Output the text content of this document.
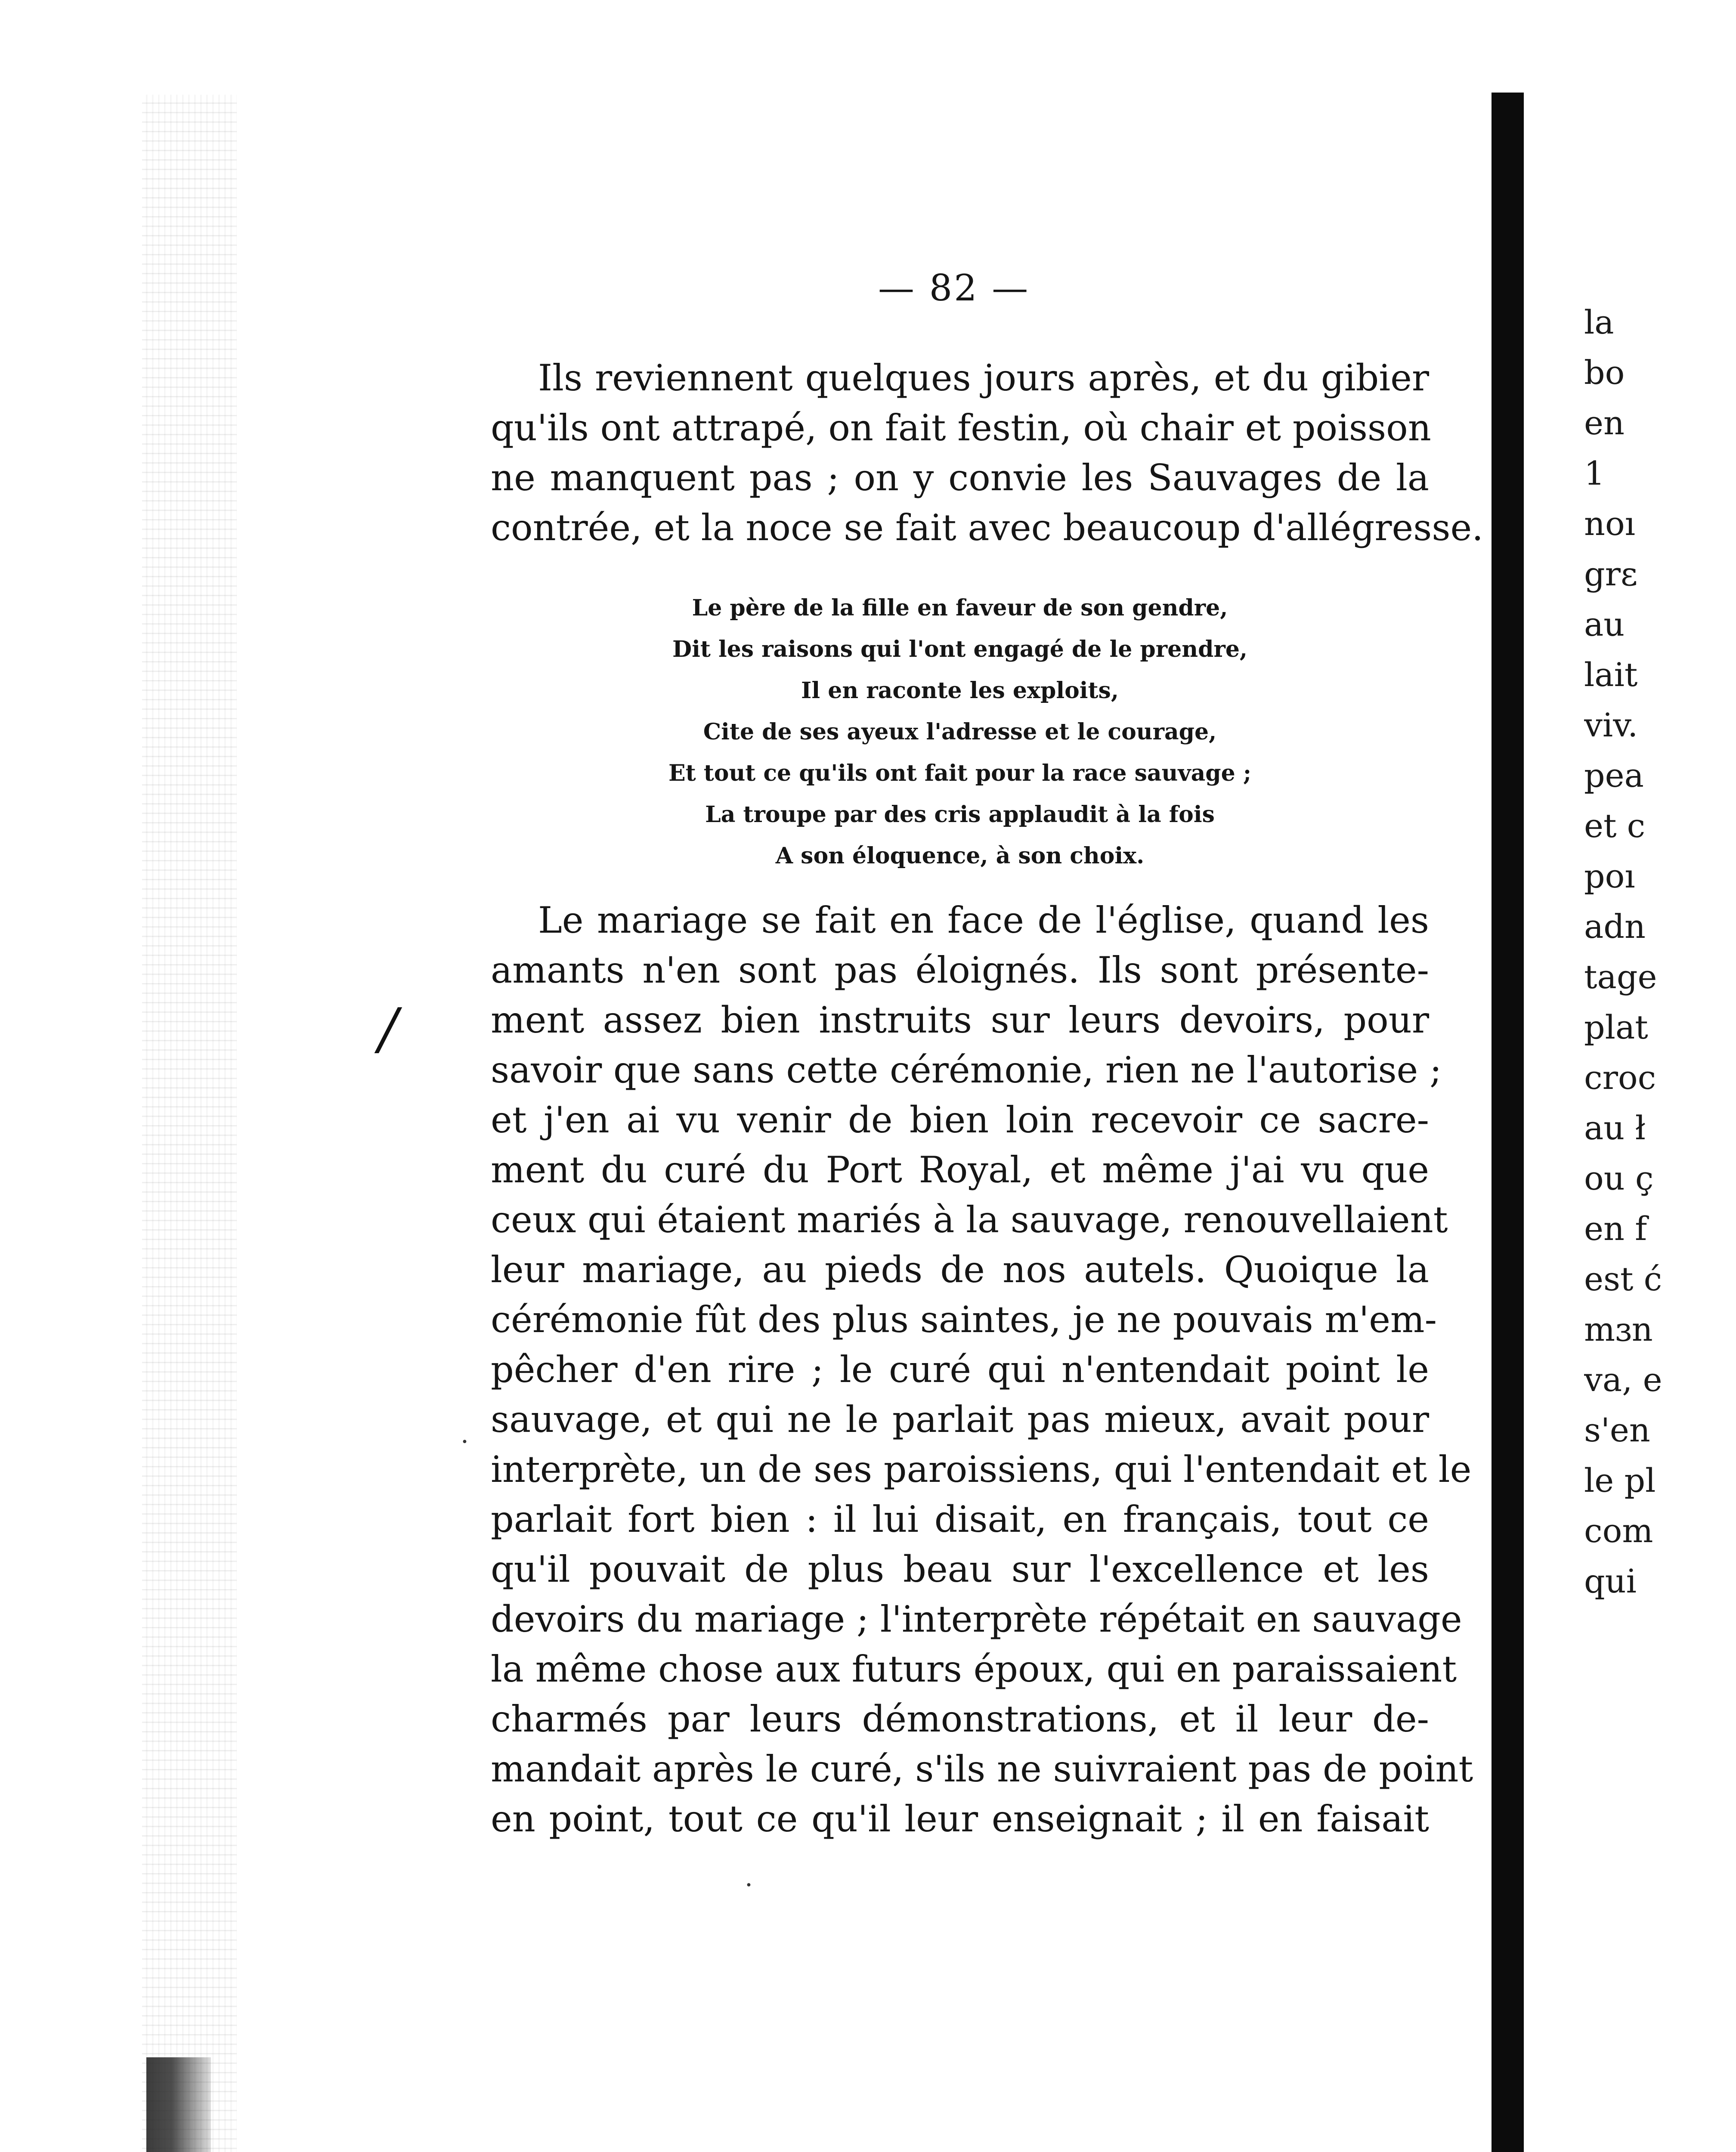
/
·
·
— 82 —
Ils reviennent quelques jours après, et du gibier
qu'ils ont attrapé, on fait festin, où chair et poisson
ne manquent pas ; on y convie les Sauvages de la
contrée, et la noce se fait avec beaucoup d'allégresse.
Le père de la fille en faveur de son gendre,
Dit les raisons qui l'ont engagé de le prendre,
Il en raconte les exploits,
Cite de ses ayeux l'adresse et le courage,
Et tout ce qu'ils ont fait pour la race sauvage ;
La troupe par des cris applaudit à la fois
A son éloquence, à son choix.
Le mariage se fait en face de l'église, quand les
amants n'en sont pas éloignés. Ils sont présente-
ment assez bien instruits sur leurs devoirs, pour
savoir que sans cette cérémonie, rien ne l'autorise ;
et j'en ai vu venir de bien loin recevoir ce sacre-
ment du curé du Port Royal, et même j'ai vu que
ceux qui étaient mariés à la sauvage, renouvellaient
leur mariage, au pieds de nos autels. Quoique la
cérémonie fût des plus saintes, je ne pouvais m'em-
pêcher d'en rire ; le curé qui n'entendait point le
sauvage, et qui ne le parlait pas mieux, avait pour
interprète, un de ses paroissiens, qui l'entendait et le
parlait fort bien : il lui disait, en français, tout ce
qu'il pouvait de plus beau sur l'excellence et les
devoirs du mariage ; l'interprète répétait en sauvage
la même chose aux futurs époux, qui en paraissaient
charmés par leurs démonstrations, et il leur de-
mandait après le curé, s'ils ne suivraient pas de point
en point, tout ce qu'il leur enseignait ; il en faisait
la
bo
en
1
noı
grɛ
au
lait
viv.
pea
et c
poı
adn
tage
plat
croc
au ł
ou ç
en f
est ć
mɜn
va, e
s'en
le pl
com
qui
